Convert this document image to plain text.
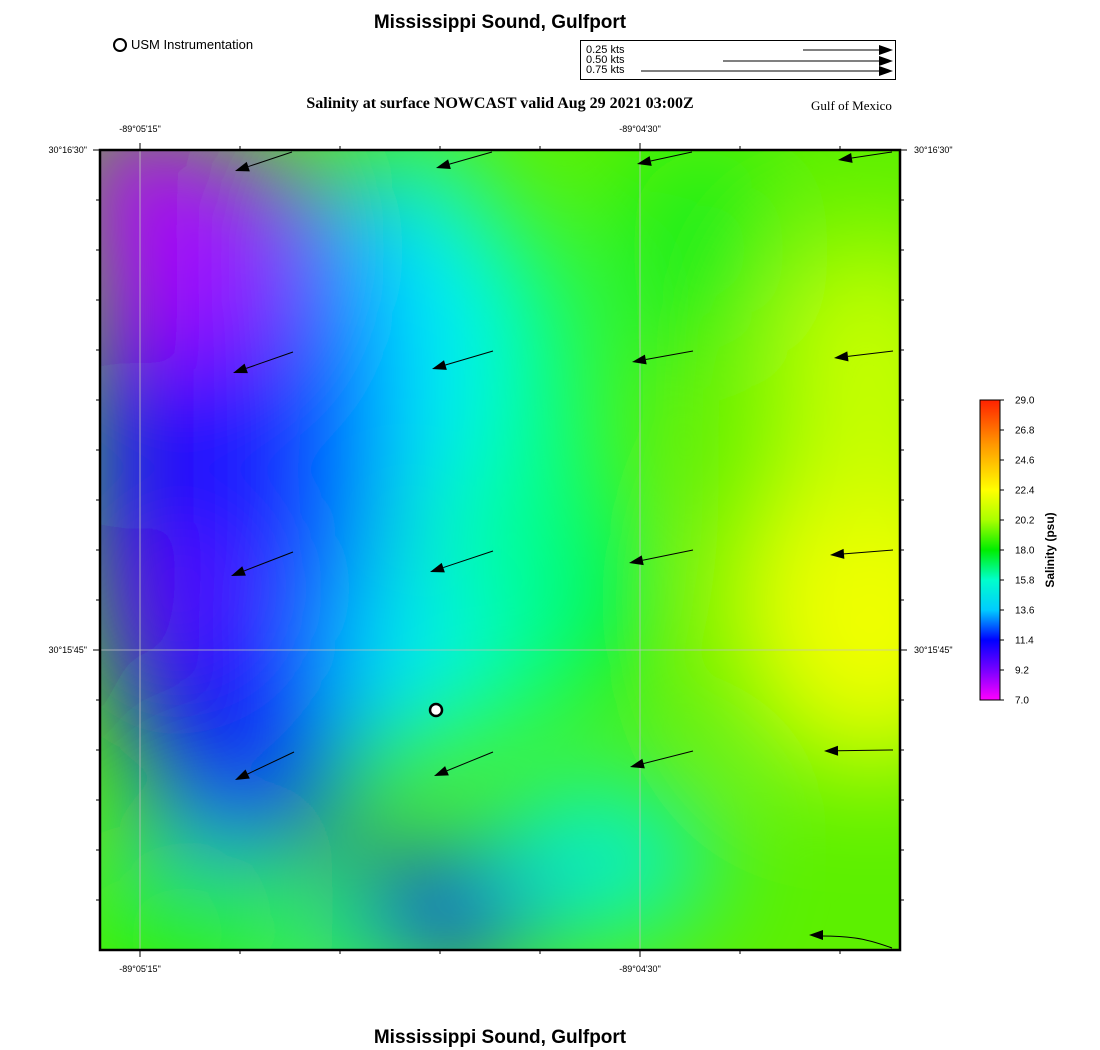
Mississippi Sound, Gulfport
USM Instrumentation	0.25 kts
0.50 kts
0.75 kts
Salinity at surface NOWCAST valid Aug 29 2021 03:00Z	Gulf of Mexico
-89°05'15"	-89°04'30"
-89°05'15"	-89°04'30"
30°16'30"
30°15'45"
30°16'30"
30°15'45"
29.0
26.8
24.6
22.4
20.2
18.0
15.8
13.6
11.4
9.2
7.0
Salinity (psu)
Mississippi Sound, Gulfport
